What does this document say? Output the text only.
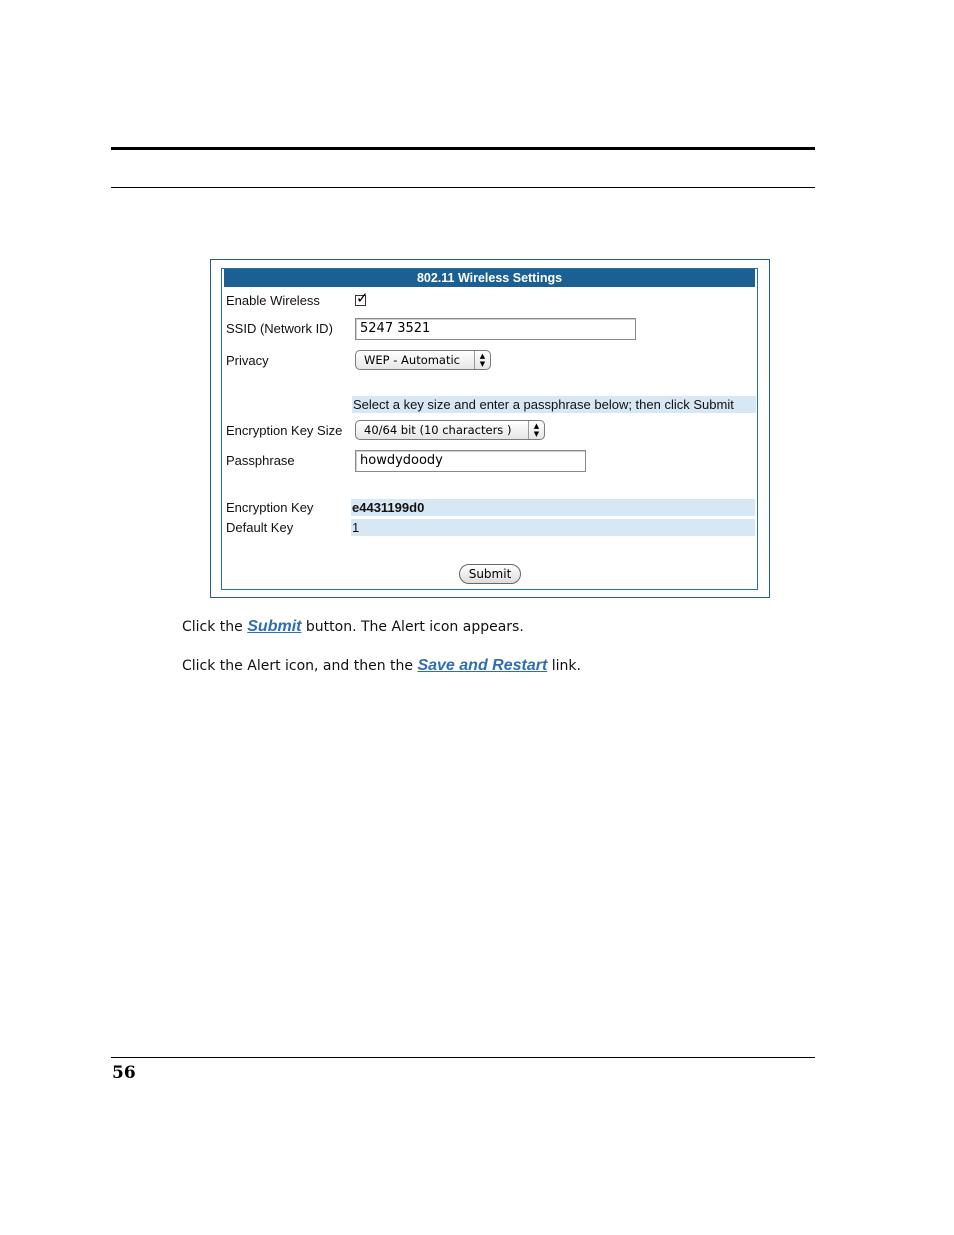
802.11 Wireless Settings
Enable Wireless ✓
SSID (Network ID)	5247 3521
Privacy	WEP - Automatic	▲
▼
Select a key size and enter a passphrase below; then click Submit
Encryption Key Size	40/64 bit (10 characters )	▲
▼
Passphrase	howdydoody
Encryption Key	e4431199d0
Default Key	1
Submit
Click the Submit button. The Alert icon appears.
Click the Alert icon, and then the Save and Restart link.
56
